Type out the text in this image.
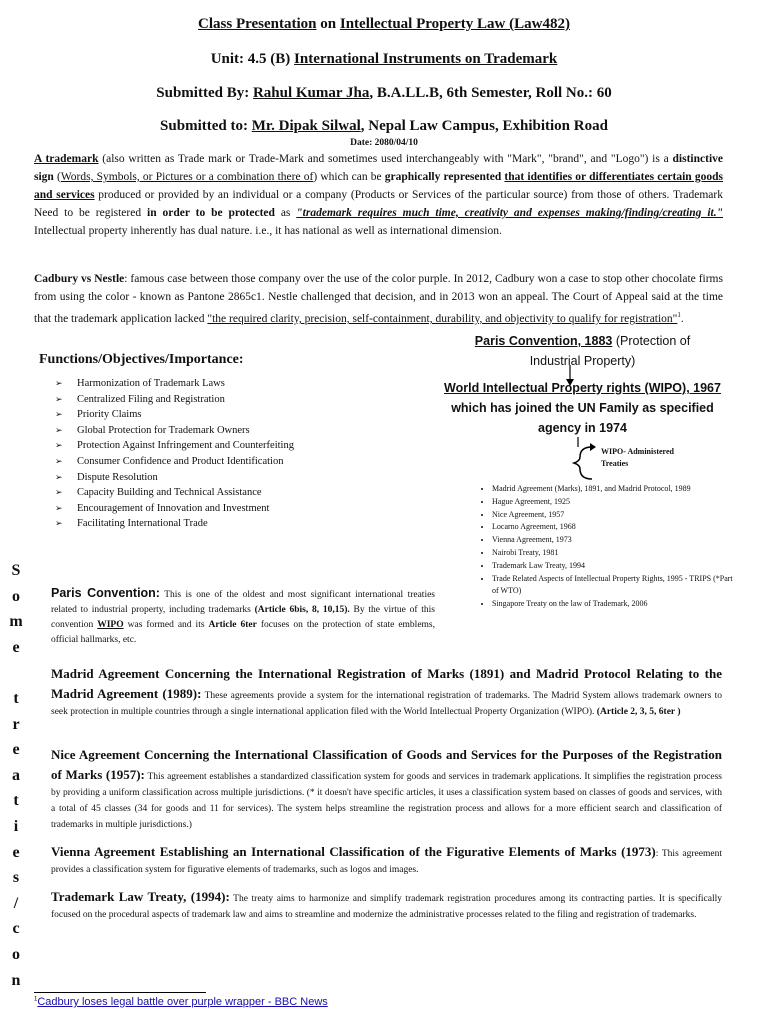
Class Presentation on Intellectual Property Law (Law482)
Unit: 4.5 (B) International Instruments on Trademark
Submitted By: Rahul Kumar Jha, B.A.LL.B, 6th Semester, Roll No.: 60
Submitted to: Mr. Dipak Silwal, Nepal Law Campus, Exhibition Road
Date: 2080/04/10
A trademark (also written as Trade mark or Trade-Mark and sometimes used interchangeably with "Mark", "brand", and "Logo") is a distinctive sign (Words, Symbols, or Pictures or a combination there of) which can be graphically represented that identifies or differentiates certain goods and services produced or provided by an individual or a company (Products or Services of the particular source) from those of others. Trademark Need to be registered in order to be protected as "trademark requires much time, creativity and expenses making/finding/creating it." Intellectual property inherently has dual nature. i.e., it has national as well as international dimension.
Cadbury vs Nestle: famous case between those company over the use of the color purple. In 2012, Cadbury won a case to stop other chocolate firms from using the color - known as Pantone 2865c1. Nestle challenged that decision, and in 2013 won an appeal. The Court of Appeal said at the time that the trademark application lacked "the required clarity, precision, self-containment, durability, and objectivity to qualify for registration"$^1$.
Functions/Objectives/Importance:
➢ Harmonization of Trademark Laws
➢ Centralized Filing and Registration
➢ Priority Claims
➢ Global Protection for Trademark Owners
➢ Protection Against Infringement and Counterfeiting
➢ Consumer Confidence and Product Identification
➢ Dispute Resolution
➢ Capacity Building and Technical Assistance
➢ Encouragement of Innovation and Investment
➢ Facilitating International Trade
Paris Convention, 1883 (Protection of
Industrial Property)
World Intellectual Property rights (WIPO), 1967
which has joined the UN Family as specified
agency in 1974
WIPO- Administered
Treaties
• Madrid Agreement (Marks), 1891, and Madrid Protocol, 1989
• Hague Agreement, 1925
• Nice Agreement, 1957
• Locarno Agreement, 1968
• Vienna Agreement, 1973
• Nairobi Treaty, 1981
• Trademark Law Treaty, 1994
• Trade Related Aspects of Intellectual Property Rights, 1995 - TRIPS (*Part of WTO)
• Singapore Treaty on the law of Trademark, 2006
S
o
m
e
t
r
e
a
t
i
e
s
/
c
o
n
Paris Convention: This is one of the oldest and most significant international treaties related to industrial property, including trademarks (Article 6bis, 8, 10,15). By the virtue of this convention WIPO was formed and its Article 6ter focuses on the protection of state emblems, official hallmarks, etc.
Madrid Agreement Concerning the International Registration of Marks (1891) and Madrid Protocol Relating to the Madrid Agreement (1989): These agreements provide a system for the international registration of trademarks. The Madrid System allows trademark owners to seek protection in multiple countries through a single international application filed with the World Intellectual Property Organization (WIPO). (Article 2, 3, 5, 6ter )
Nice Agreement Concerning the International Classification of Goods and Services for the Purposes of the Registration of Marks (1957): This agreement establishes a standardized classification system for goods and services in trademark applications. It simplifies the registration process by providing a uniform classification across multiple jurisdictions. (* it doesn't have specific articles, it uses a classification system based on classes of goods and services, with a total of 45 classes (34 for goods and 11 for services). The system helps streamline the registration process and allows for a more efficient search and classification of trademarks in multiple jurisdictions.)
Vienna Agreement Establishing an International Classification of the Figurative Elements of Marks (1973): This agreement provides a classification system for figurative elements of trademarks, such as logos and images.
Trademark Law Treaty, (1994): The treaty aims to harmonize and simplify trademark registration procedures among its contracting parties. It is specifically focused on the procedural aspects of trademark law and aims to streamline and modernize the administrative processes related to the filing and registration of trademarks.
$^1$Cadbury loses legal battle over purple wrapper - BBC News
